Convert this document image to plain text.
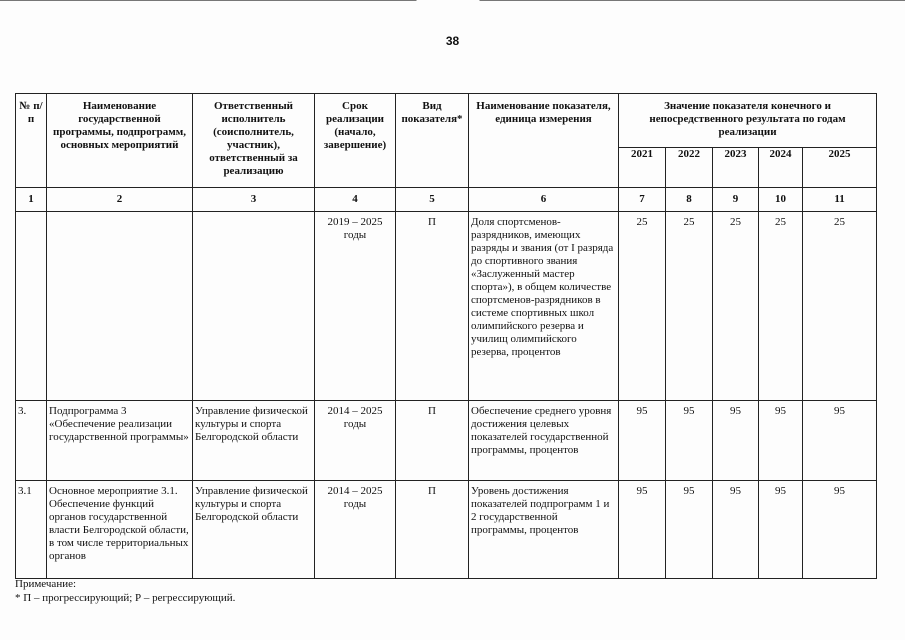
38
№ п/п	Наименование государственной программы, подпрограмм, основных мероприятий	Ответственный исполнитель (соисполнитель, участник), ответственный за реализацию	Срок реализации (начало, завершение)	Вид показателя*	Наименование показателя, единица измерения	Значение показателя конечного и непосредственного результата по годам реализации				
						2021	2022	2023	2024	2025
1	2	3	4	5	6	7	8	9	10	11
			2019 – 2025 годы	П	Доля спортсменов-разрядников, имеющих разряды и звания (от I разряда до спортивного звания «Заслуженный мастер спорта»), в общем количестве спортсменов-разрядников в системе спортивных школ олимпийского резерва и училищ олимпийского резерва, процентов	25	25	25	25	25
3.	Подпрограмма 3 «Обеспечение реализации государственной программы»	Управление физической культуры и спорта Белгородской области	2014 – 2025 годы	П	Обеспечение среднего уровня достижения целевых показателей государственной программы, процентов	95	95	95	95	95
3.1	Основное мероприятие 3.1. Обеспечение функций органов государственной власти Белгородской области, в том числе территориальных органов	Управление физической культуры и спорта Белгородской области	2014 – 2025 годы	П	Уровень достижения показателей подпрограмм 1 и 2 государственной программы, процентов	95	95	95	95	95
Примечание:
* П – прогрессирующий; Р – регрессирующий.
